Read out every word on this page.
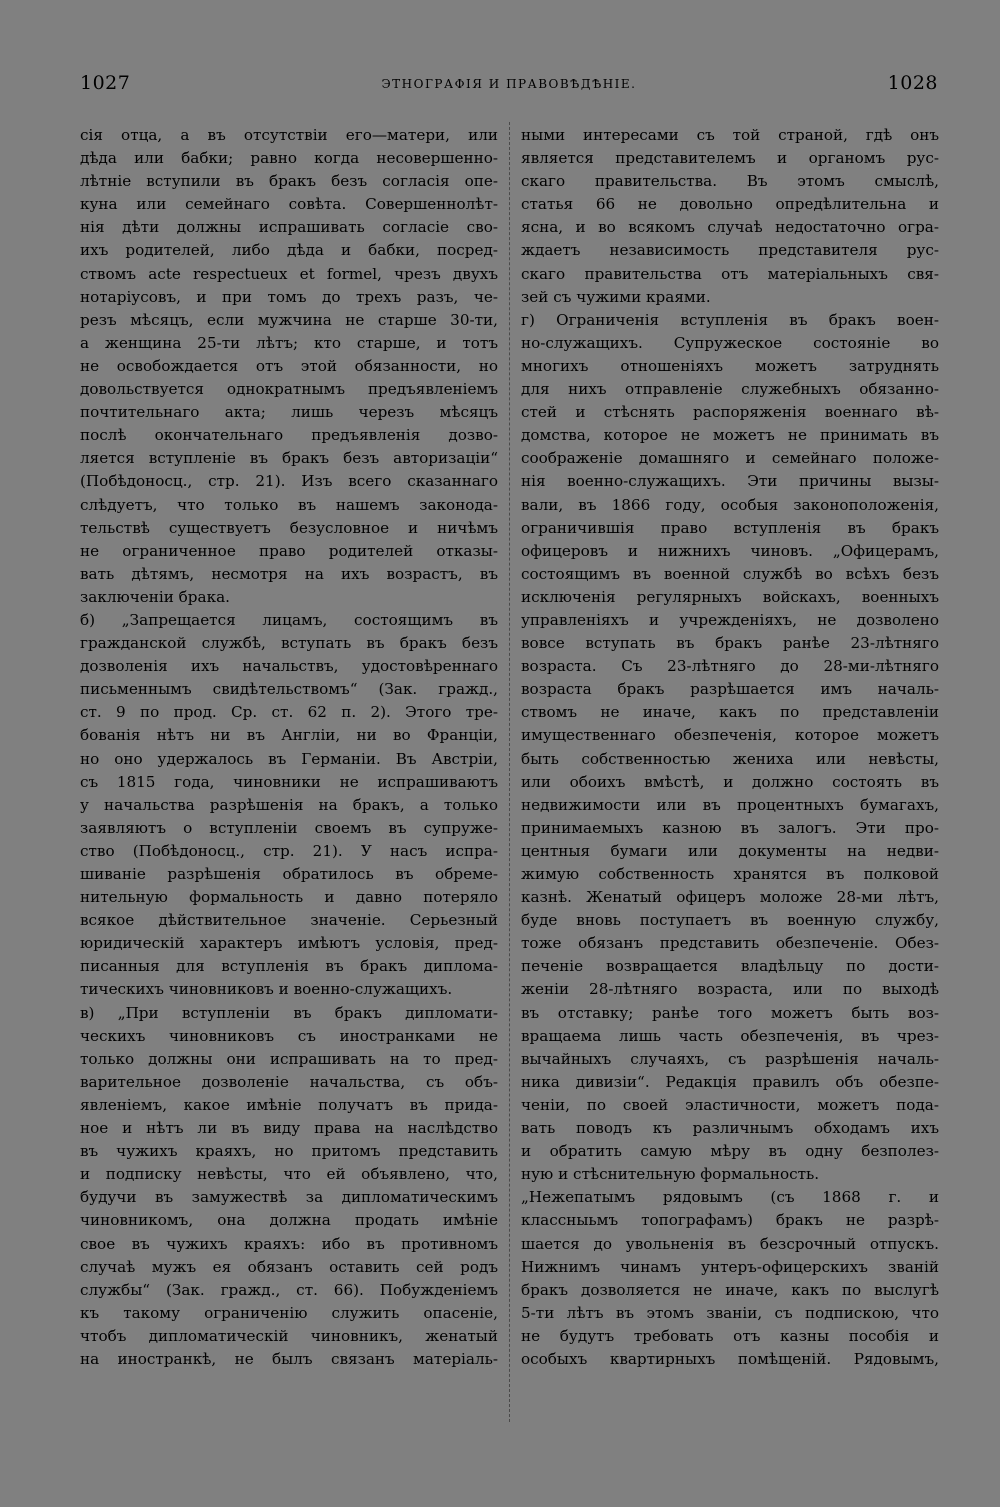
1027	ЭТНОГРАФІЯ И ПРАВОВѢДѢНІЕ.	1028
сія отца, а въ отсутствіи его—матери, или
дѣда или бабки; равно когда несовершенно-
лѣтніе вступили въ бракъ безъ согласія опе-
куна или семейнаго совѣта. Совершеннолѣт-
нія дѣти должны испрашивать согласіе сво-
ихъ родителей, либо дѣда и бабки, посред-
ствомъ acte respectueux et formel, чрезъ двухъ
нотаріусовъ, и при томъ до трехъ разъ, че-
резъ мѣсяцъ, если мужчина не старше 30-ти,
а женщина 25-ти лѣтъ; кто старше, и тотъ
не освобождается отъ этой обязанности, но
довольствуется однократнымъ предъявленіемъ
почтительнаго акта; лишь черезъ мѣсяцъ
послѣ окончательнаго предъявленія дозво-
ляется вступленіе въ бракъ безъ авторизаціи“
(Побѣдоносц., стр. 21). Изъ всего сказаннаго
слѣдуетъ, что только въ нашемъ законода-
тельствѣ существуетъ безусловное и ничѣмъ
не ограниченное право родителей отказы-
вать дѣтямъ, несмотря на ихъ возрастъ, въ
заключеніи брака.
б) „Запрещается лицамъ, состоящимъ въ
гражданской службѣ, вступать въ бракъ безъ
дозволенія ихъ начальствъ, удостовѣреннаго
письменнымъ свидѣтельствомъ“ (Зак. гражд.,
ст. 9 по прод. Ср. ст. 62 п. 2). Этого тре-
бованія нѣтъ ни въ Англіи, ни во Франціи,
но оно удержалось въ Германіи. Въ Австріи,
съ 1815 года, чиновники не испрашиваютъ
у начальства разрѣшенія на бракъ, а только
заявляютъ о вступленіи своемъ въ супруже-
ство (Побѣдоносц., стр. 21). У насъ испра-
шиваніе разрѣшенія обратилось въ обреме-
нительную формальность и давно потеряло
всякое дѣйствительное значеніе. Серьезный
юридическій характеръ имѣютъ условія, пред-
писанныя для вступленія въ бракъ диплома-
тическихъ чиновниковъ и военно-служащихъ.
в) „При вступленіи въ бракъ дипломати-
ческихъ чиновниковъ съ иностранками не
только должны они испрашивать на то пред-
варительное дозволеніе начальства, съ объ-
явленіемъ, какое имѣніе получатъ въ прида-
ное и нѣтъ ли въ виду права на наслѣдство
въ чужихъ краяхъ, но притомъ представить
и подписку невѣсты, что ей объявлено, что,
будучи въ замужествѣ за дипломатическимъ
чиновникомъ, она должна продать имѣніе
свое въ чужихъ краяхъ: ибо въ противномъ
случаѣ мужъ ея обязанъ оставить сей родъ
службы“ (Зак. гражд., ст. 66). Побужденіемъ
къ такому ограниченію служить опасеніе,
чтобъ дипломатическій чиновникъ, женатый
на иностранкѣ, не былъ связанъ матеріаль-
ными интересами съ той страной, гдѣ онъ
является представителемъ и органомъ рус-
скаго правительства. Въ этомъ смыслѣ,
статья 66 не довольно опредѣлительна и
ясна, и во всякомъ случаѣ недостаточно огра-
ждаетъ независимость представителя рус-
скаго правительства отъ матеріальныхъ свя-
зей съ чужими краями.
г) Ограниченія вступленія въ бракъ воен-
но-служащихъ. Супружеское состояніе во
многихъ отношеніяхъ можетъ затруднять
для нихъ отправленіе служебныхъ обязанно-
стей и стѣснять распоряженія военнаго вѣ-
домства, которое не можетъ не принимать въ
соображеніе домашняго и семейнаго положе-
нія военно-служащихъ. Эти причины вызы-
вали, въ 1866 году, особыя законоположенія,
ограничившія право вступленія въ бракъ
офицеровъ и нижнихъ чиновъ. „Офицерамъ,
состоящимъ въ военной службѣ во всѣхъ безъ
исключенія регулярныхъ войскахъ, военныхъ
управленіяхъ и учрежденіяхъ, не дозволено
вовсе вступать въ бракъ ранѣе 23-лѣтняго
возраста. Съ 23-лѣтняго до 28-ми-лѣтняго
возраста бракъ разрѣшается имъ началь-
ствомъ не иначе, какъ по представленіи
имущественнаго обезпеченія, которое можетъ
быть собственностью жениха или невѣсты,
или обоихъ вмѣстѣ, и должно состоять въ
недвижимости или въ процентныхъ бумагахъ,
принимаемыхъ казною въ залогъ. Эти про-
центныя бумаги или документы на недви-
жимую собственность хранятся въ полковой
казнѣ. Женатый офицеръ моложе 28-ми лѣтъ,
буде вновь поступаетъ въ военную службу,
тоже обязанъ представить обезпеченіе. Обез-
печеніе возвращается владѣльцу по дости-
женіи 28-лѣтняго возраста, или по выходѣ
въ отставку; ранѣе того можетъ быть воз-
вращаема лишь часть обезпеченія, въ чрез-
вычайныхъ случаяхъ, съ разрѣшенія началь-
ника дивизіи“. Редакція правилъ объ обезпе-
ченіи, по своей эластичности, можетъ пода-
вать поводъ къ различнымъ обходамъ ихъ
и обратить самую мѣру въ одну безполез-
ную и стѣснительную формальность.
„Нежепатымъ рядовымъ (съ 1868 г. и
классныьмъ топографамъ) бракъ не разрѣ-
шается до увольненія въ безсрочный отпускъ.
Нижнимъ чинамъ унтеръ-офицерскихъ званій
бракъ дозволяется не иначе, какъ по выслугѣ
5-ти лѣтъ въ этомъ званіи, съ подпискою, что
не будутъ требовать отъ казны пособія и
особыхъ квартирныхъ помѣщеній. Рядовымъ,
